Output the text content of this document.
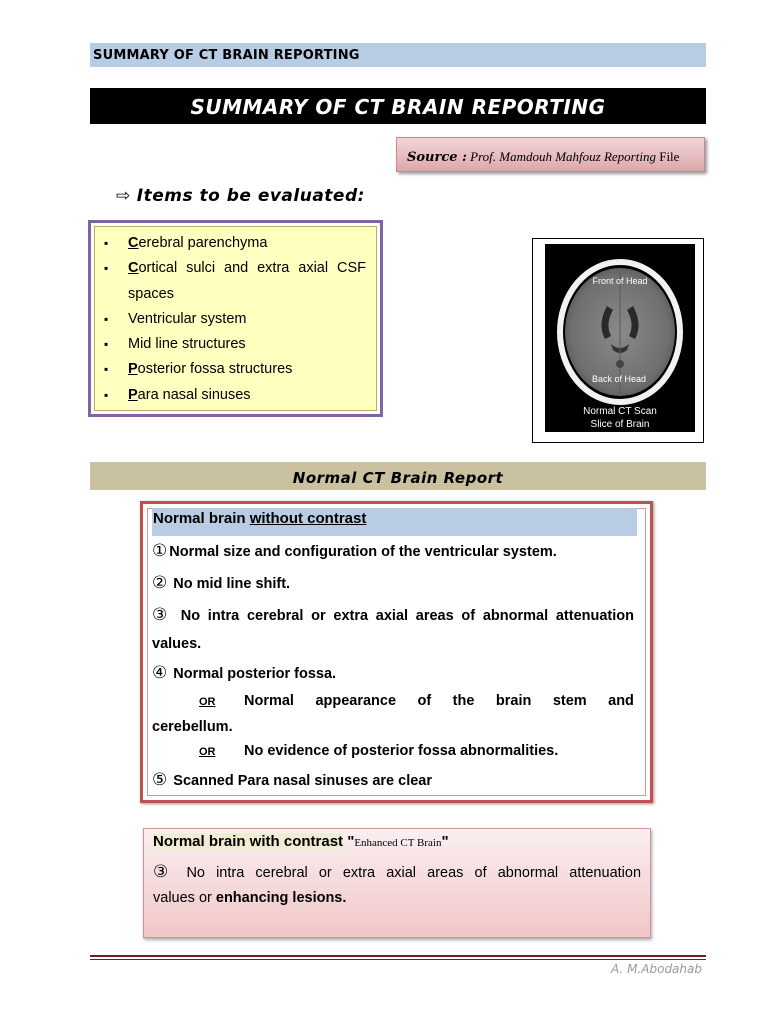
SUMMARY OF CT BRAIN REPORTING
SUMMARY OF CT BRAIN REPORTING
Source : Prof. Mamdouh Mahfouz Reporting File
⇨ Items to be evaluated:
▪ Cerebral parenchyma
▪ Cortical sulci and extra axial CSF spaces
▪ Ventricular system
▪ Mid line structures
▪ Posterior fossa structures
▪ Para nasal sinuses
Front of Head
Back of Head
Normal CT Scan
Slice of Brain
Normal CT Brain Report
Normal brain without contrast
① Normal size and configuration of the ventricular system.
② No mid line shift.
③ No intra cerebral or extra axial areas of abnormal attenuation
values.
④ Normal posterior fossa.
OR	Normal appearance of the brain stem and
cerebellum.
OR No evidence of posterior fossa abnormalities.
⑤ Scanned Para nasal sinuses are clear
Normal brain with contrast "Enhanced CT Brain"
③ No intra cerebral or extra axial areas of abnormal attenuation
values or enhancing lesions.
A. M.Abodahab
